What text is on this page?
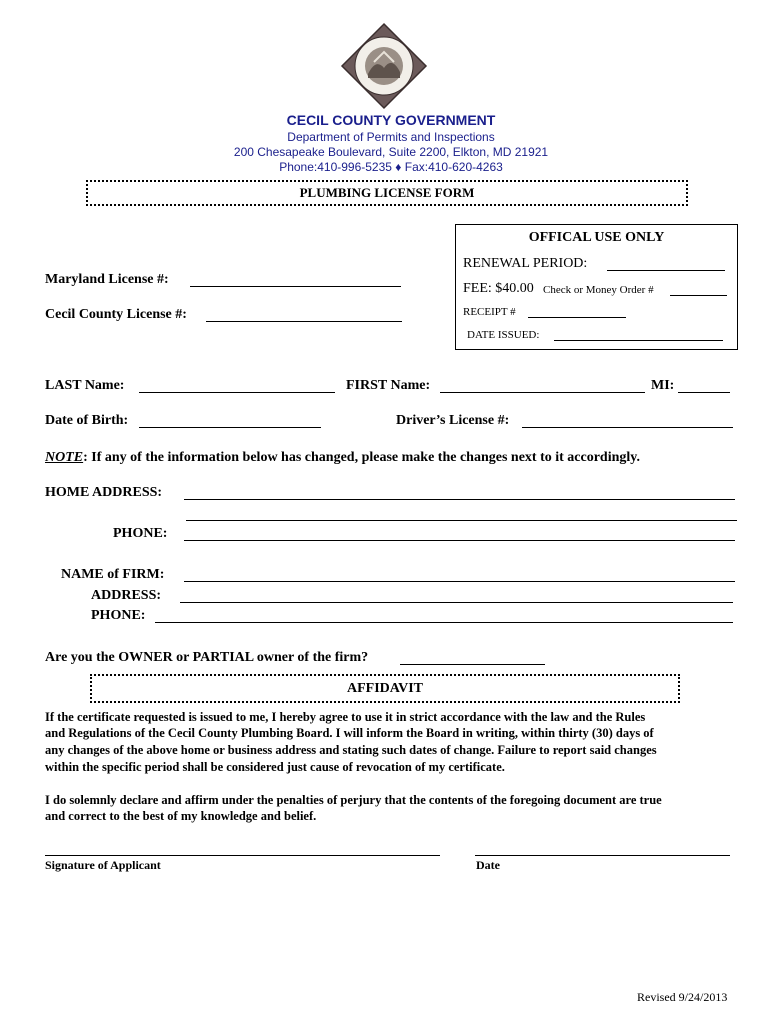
CECIL COUNTY GOVERNMENT
Department of Permits and Inspections
200 Chesapeake Boulevard, Suite 2200, Elkton, MD 21921
Phone:410-996-5235 ♦ Fax:410-620-4263
PLUMBING LICENSE FORM
OFFICAL USE ONLY
RENEWAL PERIOD:
FEE: $40.00 Check or Money Order #
RECEIPT #
DATE ISSUED:
Maryland License #:
Cecil County License #:
LAST Name:	FIRST Name:	MI:
Date of Birth:	Driver’s License #:
NOTE: If any of the information below has changed, please make the changes next to it accordingly.
HOME ADDRESS:
PHONE:
NAME of FIRM:
ADDRESS:
PHONE:
Are you the OWNER or PARTIAL owner of the firm?
AFFIDAVIT
If the certificate requested is issued to me, I hereby agree to use it in strict accordance with the law and the Rules
and Regulations of the Cecil County Plumbing Board. I will inform the Board in writing, within thirty (30) days of
any changes of the above home or business address and stating such dates of change. Failure to report said changes
within the specific period shall be considered just cause of revocation of my certificate.
I do solemnly declare and affirm under the penalties of perjury that the contents of the foregoing document are true
and correct to the best of my knowledge and belief.
Signature of Applicant	Date
Revised 9/24/2013
